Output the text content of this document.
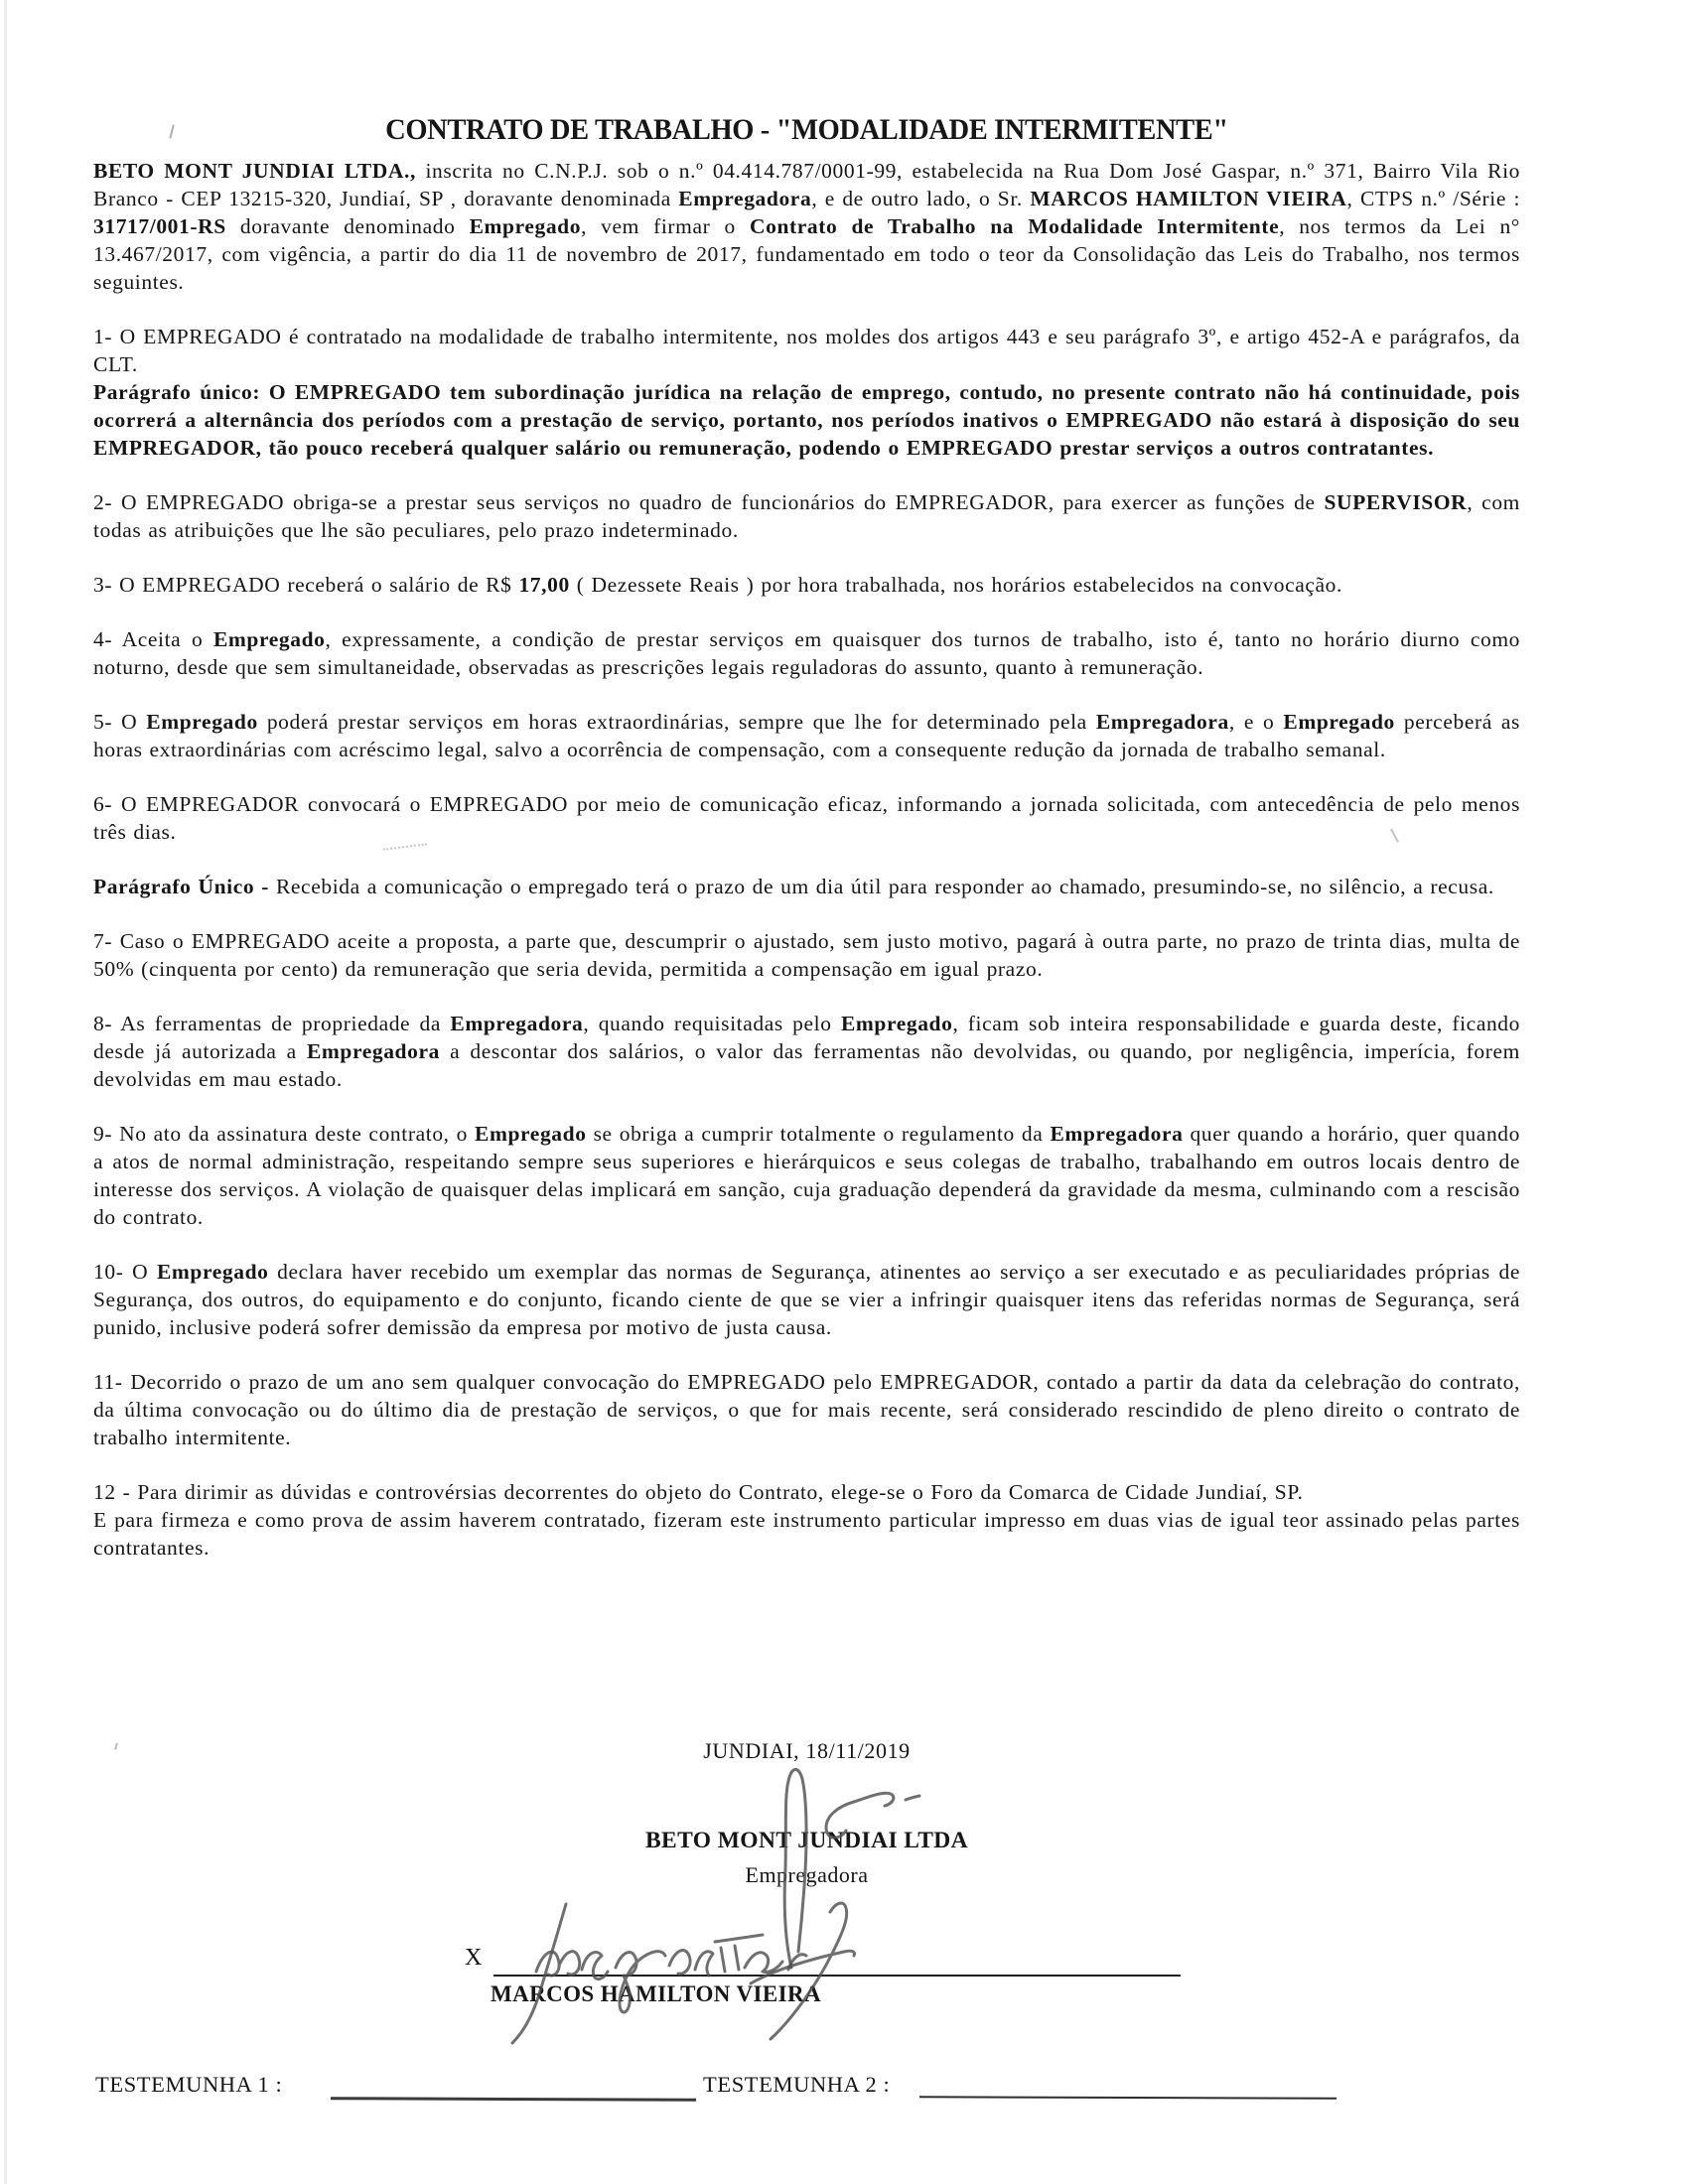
CONTRATO DE TRABALHO - "MODALIDADE INTERMITENTE"

BETO MONT JUNDIAI LTDA., inscrita no C.N.P.J. sob o n.º 04.414.787/0001-99, estabelecida na Rua Dom José Gaspar, n.º 371, Bairro Vila Rio Branco - CEP 13215-320, Jundiaí, SP , doravante denominada Empregadora, e de outro lado, o Sr. MARCOS HAMILTON VIEIRA, CTPS n.º /Série : 31717/001-RS doravante denominado Empregado, vem firmar o Contrato de Trabalho na Modalidade Intermitente, nos termos da Lei n° 13.467/2017, com vigência, a partir do dia 11 de novembro de 2017, fundamentado em todo o teor da Consolidação das Leis do Trabalho, nos termos seguintes.

1- O EMPREGADO é contratado na modalidade de trabalho intermitente, nos moldes dos artigos 443 e seu parágrafo 3º, e artigo 452-A e parágrafos, da CLT.
Parágrafo único: O EMPREGADO tem subordinação jurídica na relação de emprego, contudo, no presente contrato não há continuidade, pois ocorrerá a alternância dos períodos com a prestação de serviço, portanto, nos períodos inativos o EMPREGADO não estará à disposição do seu EMPREGADOR, tão pouco receberá qualquer salário ou remuneração, podendo o EMPREGADO prestar serviços a outros contratantes.

2- O EMPREGADO obriga-se a prestar seus serviços no quadro de funcionários do EMPREGADOR, para exercer as funções de SUPERVISOR, com todas as atribuições que lhe são peculiares, pelo prazo indeterminado.

3- O EMPREGADO receberá o salário de R$ 17,00 ( Dezessete Reais ) por hora trabalhada, nos horários estabelecidos na convocação.

4- Aceita o Empregado, expressamente, a condição de prestar serviços em quaisquer dos turnos de trabalho, isto é, tanto no horário diurno como noturno, desde que sem simultaneidade, observadas as prescrições legais reguladoras do assunto, quanto à remuneração.

5- O Empregado poderá prestar serviços em horas extraordinárias, sempre que lhe for determinado pela Empregadora, e o Empregado perceberá as horas extraordinárias com acréscimo legal, salvo a ocorrência de compensação, com a consequente redução da jornada de trabalho semanal.

6- O EMPREGADOR convocará o EMPREGADO por meio de comunicação eficaz, informando a jornada solicitada, com antecedência de pelo menos três dias.

Parágrafo Único - Recebida a comunicação o empregado terá o prazo de um dia útil para responder ao chamado, presumindo-se, no silêncio, a recusa.

7- Caso o EMPREGADO aceite a proposta, a parte que, descumprir o ajustado, sem justo motivo, pagará à outra parte, no prazo de trinta dias, multa de 50% (cinquenta por cento) da remuneração que seria devida, permitida a compensação em igual prazo.

8- As ferramentas de propriedade da Empregadora, quando requisitadas pelo Empregado, ficam sob inteira responsabilidade e guarda deste, ficando desde já autorizada a Empregadora a descontar dos salários, o valor das ferramentas não devolvidas, ou quando, por negligência, imperícia, forem devolvidas em mau estado.

9- No ato da assinatura deste contrato, o Empregado se obriga a cumprir totalmente o regulamento da Empregadora quer quando a horário, quer quando a atos de normal administração, respeitando sempre seus superiores e hierárquicos e seus colegas de trabalho, trabalhando em outros locais dentro de interesse dos serviços. A violação de quaisquer delas implicará em sanção, cuja graduação dependerá da gravidade da mesma, culminando com a rescisão do contrato.

10- O Empregado declara haver recebido um exemplar das normas de Segurança, atinentes ao serviço a ser executado e as peculiaridades próprias de Segurança, dos outros, do equipamento e do conjunto, ficando ciente de que se vier a infringir quaisquer itens das referidas normas de Segurança, será punido, inclusive poderá sofrer demissão da empresa por motivo de justa causa.

11- Decorrido o prazo de um ano sem qualquer convocação do EMPREGADO pelo EMPREGADOR, contado a partir da data da celebração do contrato, da última convocação ou do último dia de prestação de serviços, o que for mais recente, será considerado rescindido de pleno direito o contrato de trabalho intermitente.

12 - Para dirimir as dúvidas e controvérsias decorrentes do objeto do Contrato, elege-se o Foro da Comarca de Cidade Jundiaí, SP.
E para firmeza e como prova de assim haverem contratado, fizeram este instrumento particular impresso em duas vias de igual teor assinado pelas partes contratantes.

JUNDIAI, 18/11/2019
BETO MONT JUNDIAI LTDA
Empregadora
X
MARCOS HAMILTON VIEIRA
TESTEMUNHA 1 :	TESTEMUNHA 2 :
